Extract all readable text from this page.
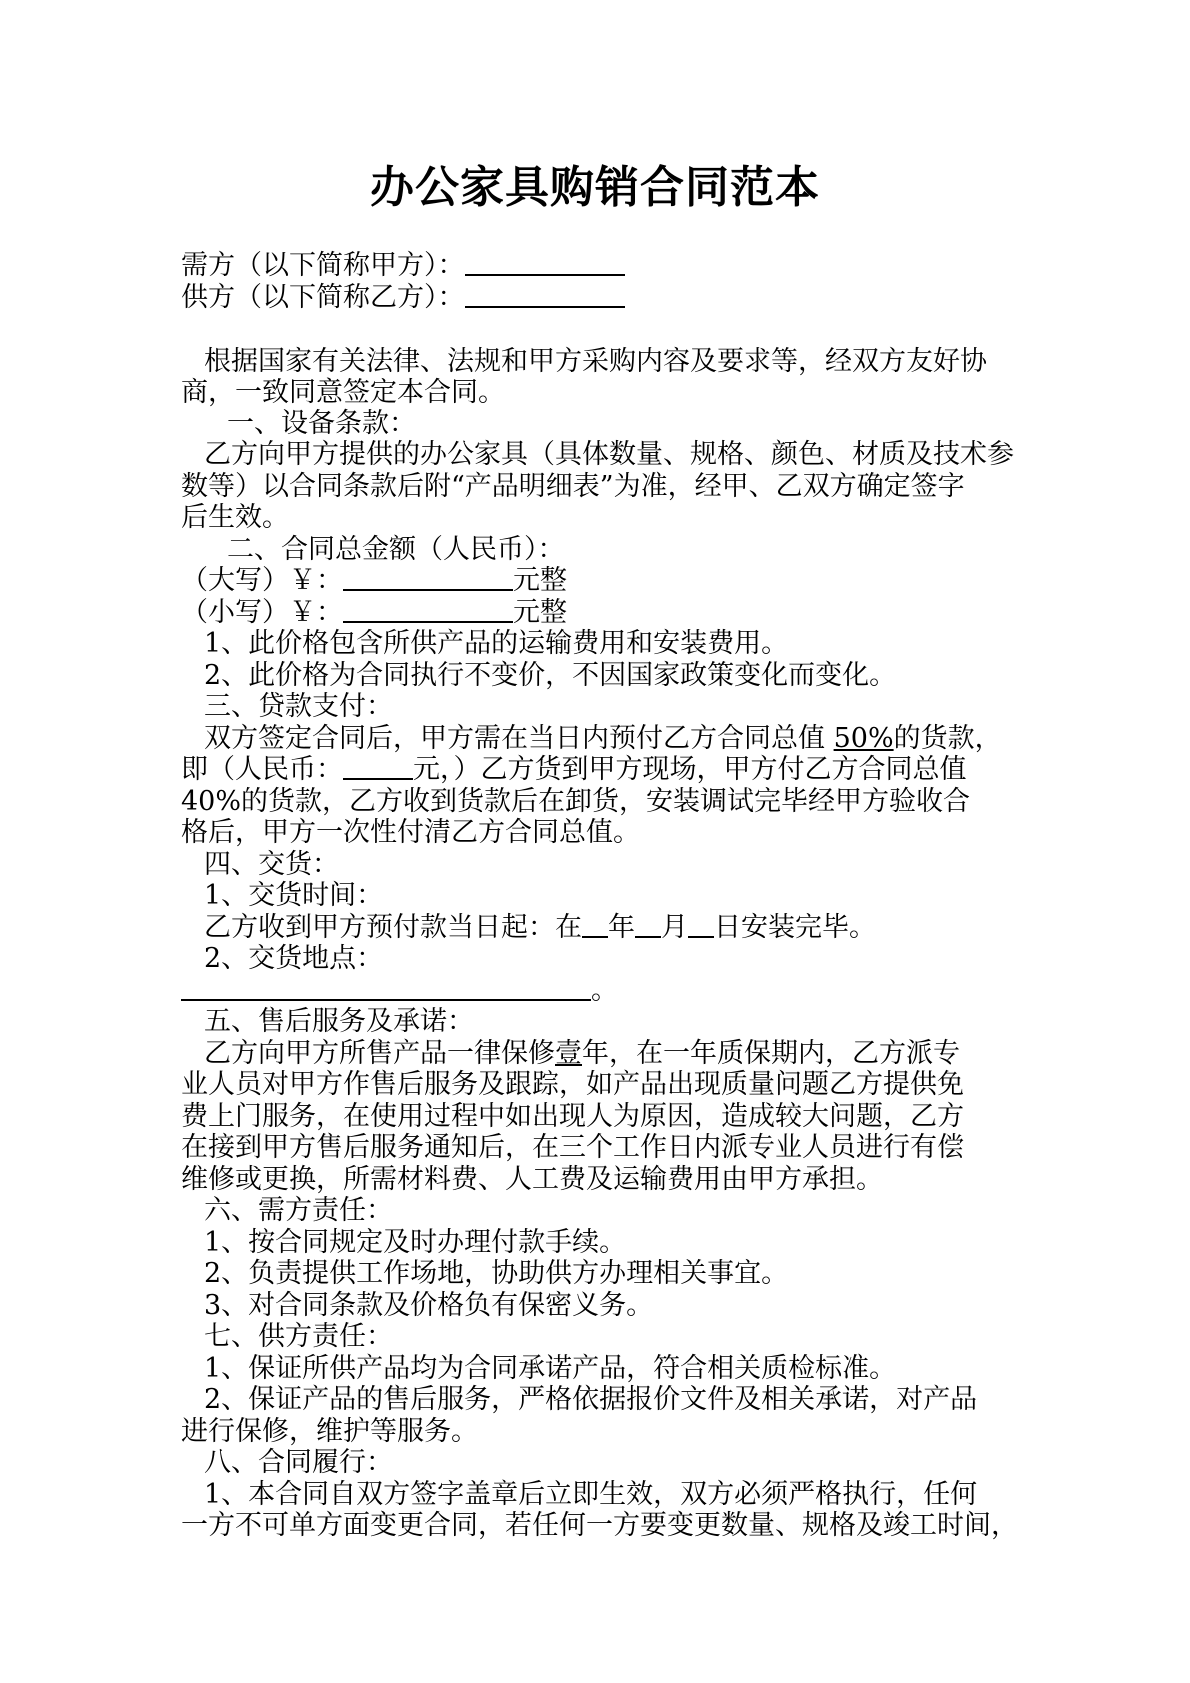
办公家具购销合同范本
需方（以下简称甲方）：
供方（以下简称乙方）：
根据国家有关法律、法规和甲方采购内容及要求等，经双方友好协
商，一致同意签定本合同。
一、设备条款：
乙方向甲方提供的办公家具（具体数量、规格、颜色、材质及技术参
数等）以合同条款后附“产品明细表”为准，经甲、乙双方确定签字
后生效。
二、合同总金额（人民币）：
（大写）￥：	元整
（小写）￥：	元整
1、此价格包含所供产品的运输费用和安装费用。
2、此价格为合同执行不变价，不因国家政策变化而变化。
三、贷款支付：
双方签定合同后，甲方需在当日内预付乙方合同总值 50%的货款，
即（人民币：	元，）乙方货到甲方现场，甲方付乙方合同总值
40%的货款，乙方收到货款后在卸货，安装调试完毕经甲方验收合
格后，甲方一次性付清乙方合同总值。
四、交货：
1、交货时间：
乙方收到甲方预付款当日起：在 年 月 日安装完毕。
2、交货地点：
。
五、售后服务及承诺：
乙方向甲方所售产品一律保修壹年，在一年质保期内，乙方派专
业人员对甲方作售后服务及跟踪，如产品出现质量问题乙方提供免
费上门服务，在使用过程中如出现人为原因，造成较大问题，乙方
在接到甲方售后服务通知后，在三个工作日内派专业人员进行有偿
维修或更换，所需材料费、人工费及运输费用由甲方承担。
六、需方责任：
1、按合同规定及时办理付款手续。
2、负责提供工作场地，协助供方办理相关事宜。
3、对合同条款及价格负有保密义务。
七、供方责任：
1、保证所供产品均为合同承诺产品，符合相关质检标准。
2、保证产品的售后服务，严格依据报价文件及相关承诺，对产品
进行保修，维护等服务。
八、合同履行：
1、本合同自双方签字盖章后立即生效，双方必须严格执行，任何
一方不可单方面变更合同，若任何一方要变更数量、规格及竣工时间，
